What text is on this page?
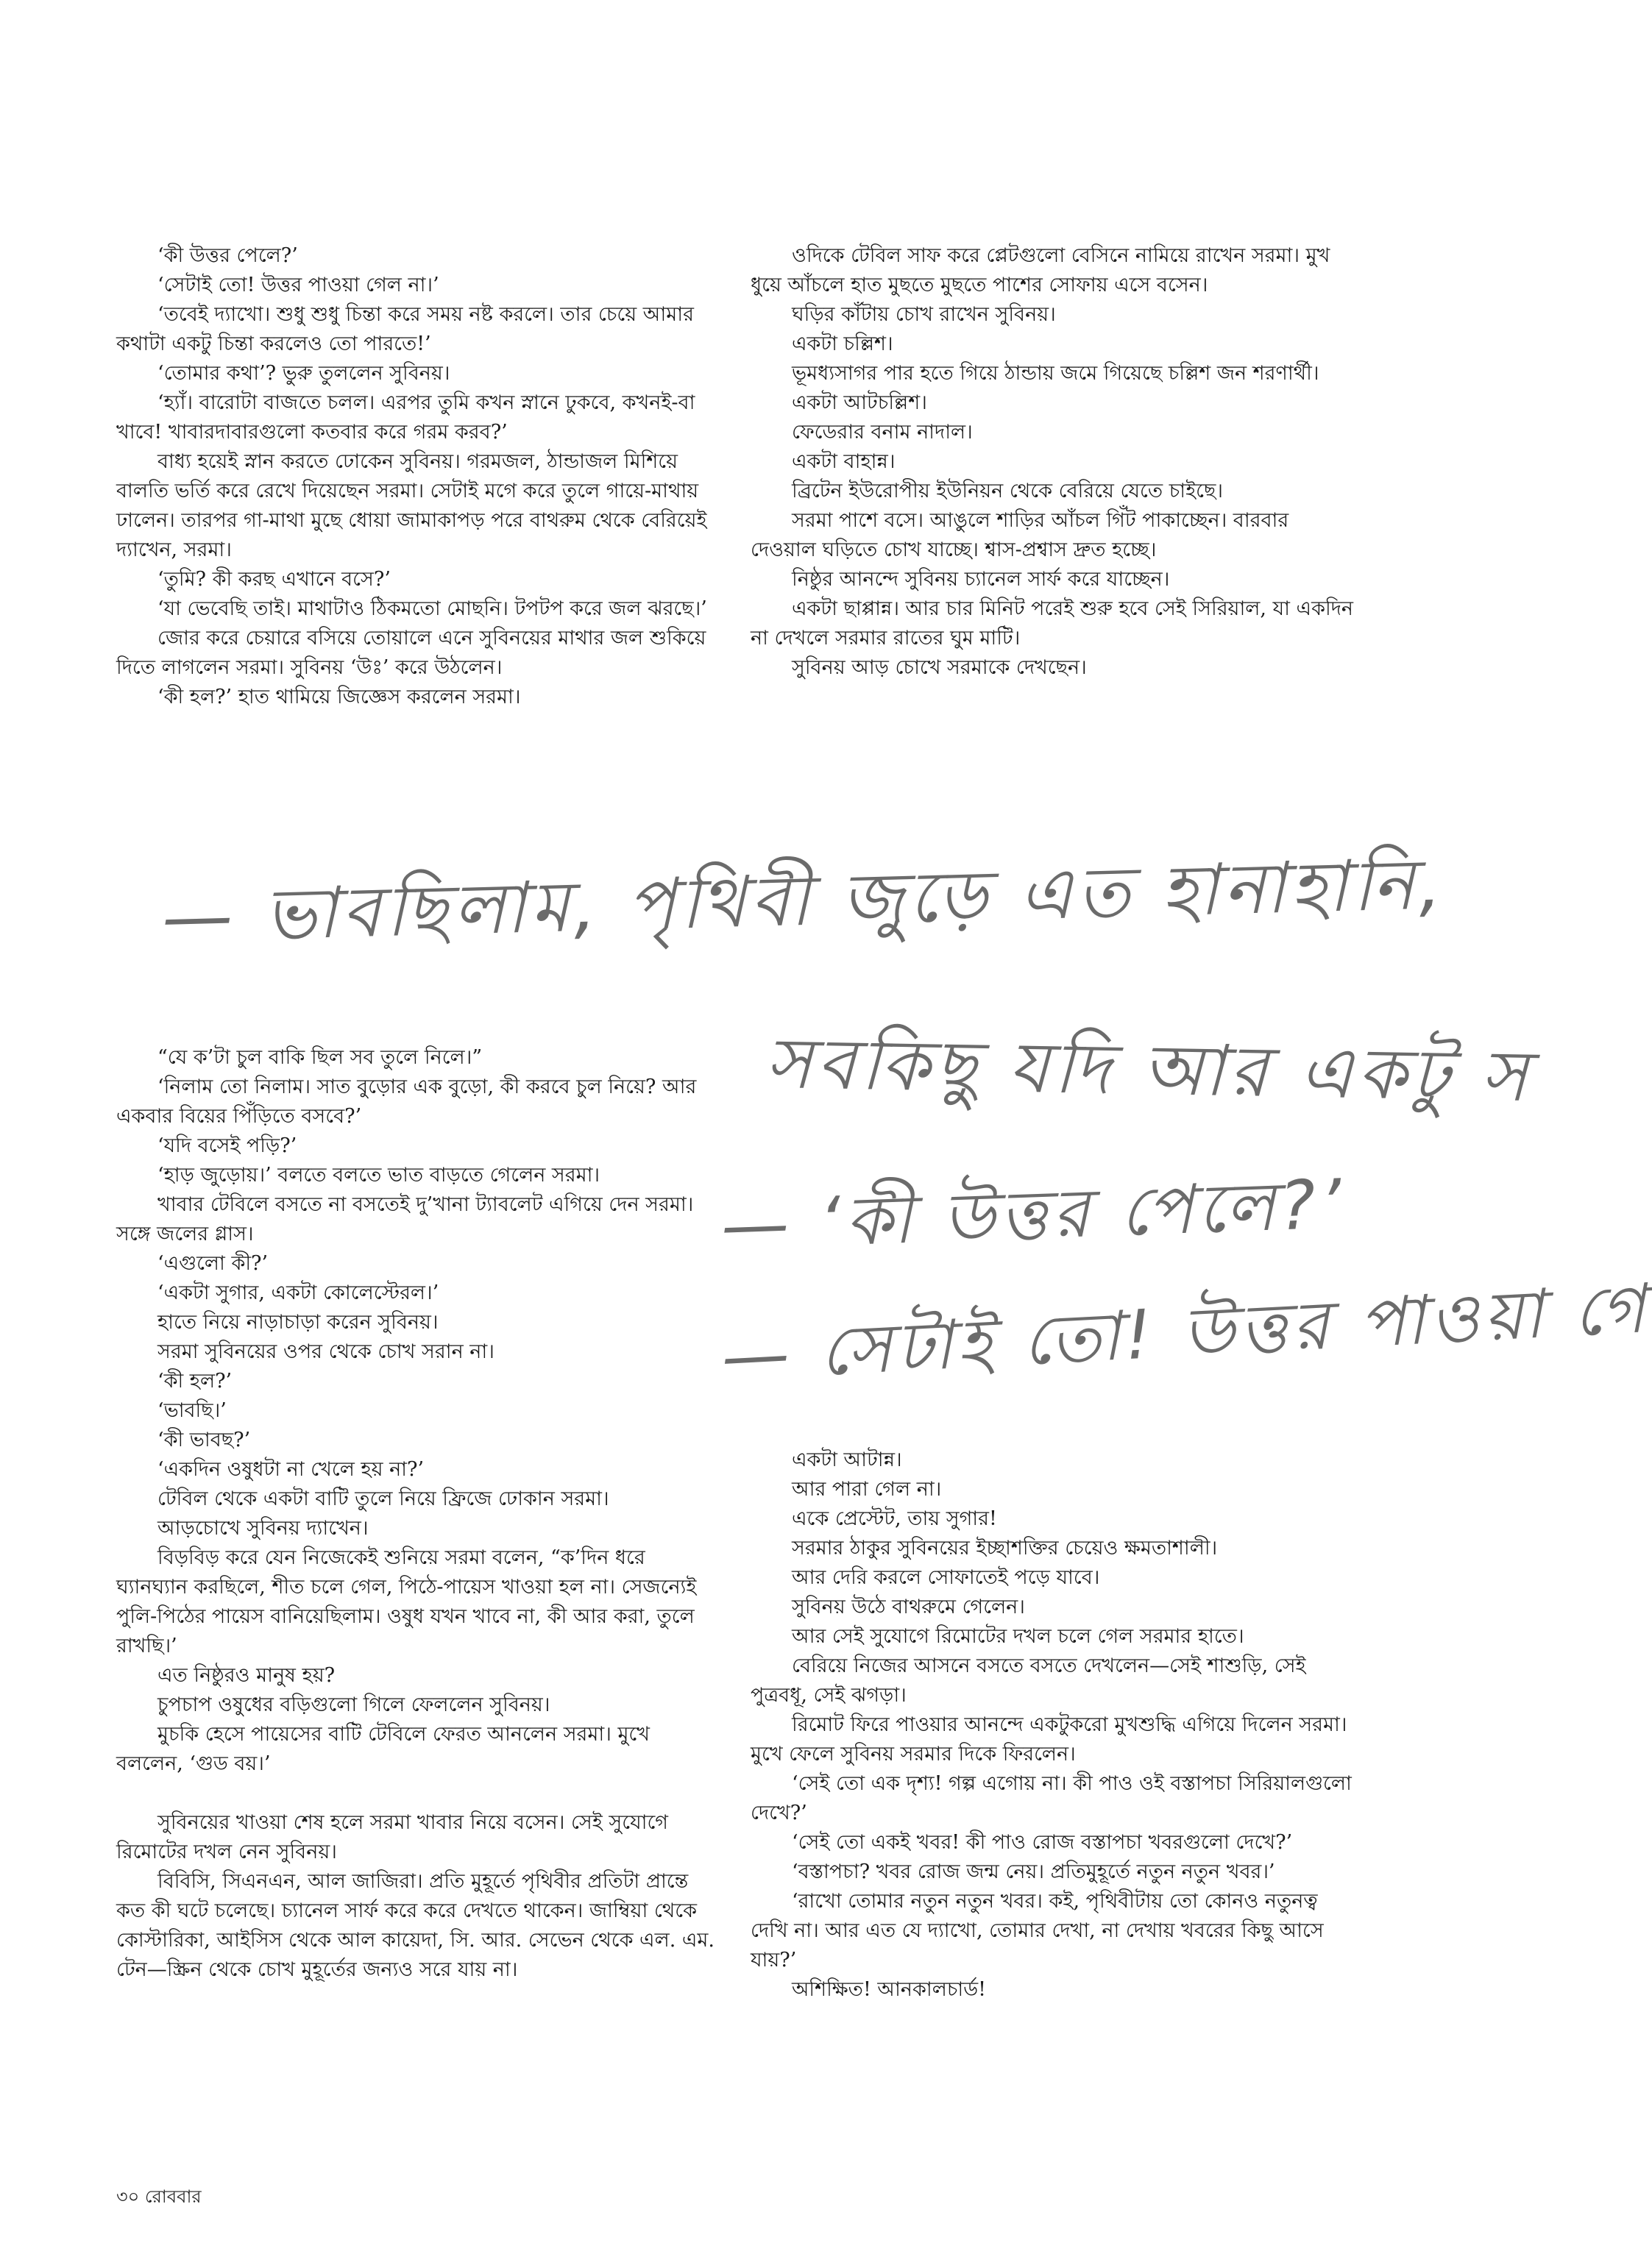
‘কী উত্তর পেলে?’

‘সেটাই তো! উত্তর পাওয়া গেল না।’

‘তবেই দ্যাখো। শুধু শুধু চিন্তা করে সময় নষ্ট করলে। তার চেয়ে আমার কথাটা একটু চিন্তা করলেও তো পারতে!’

‘তোমার কথা’? ভুরু তুললেন সুবিনয়।

‘হ্যাঁ। বারোটা বাজতে চলল। এরপর তুমি কখন স্নানে ঢুকবে, কখনই-বা খাবে! খাবারদাবারগুলো কতবার করে গরম করব?’

বাধ্য হয়েই স্নান করতে ঢোকেন সুবিনয়। গরমজল, ঠান্ডাজল মিশিয়ে বালতি ভর্তি করে রেখে দিয়েছেন সরমা। সেটাই মগে করে তুলে গায়ে-মাথায় ঢালেন। তারপর গা-মাথা মুছে ধোয়া জামাকাপড় পরে বাথরুম থেকে বেরিয়েই দ্যাখেন, সরমা।

‘তুমি? কী করছ এখানে বসে?’

‘যা ভেবেছি তাই। মাথাটাও ঠিকমতো মোছনি। টপটপ করে জল ঝরছে।’

জোর করে চেয়ারে বসিয়ে তোয়ালে এনে সুবিনয়ের মাথার জল শুকিয়ে দিতে লাগলেন সরমা। সুবিনয় ‘উঃ’ করে উঠলেন।

‘কী হল?’ হাত থামিয়ে জিজ্ঞেস করলেন সরমা।

ওদিকে টেবিল সাফ করে প্লেটগুলো বেসিনে নামিয়ে রাখেন সরমা। মুখ ধুয়ে আঁচলে হাত মুছতে মুছতে পাশের সোফায় এসে বসেন।

ঘড়ির কাঁটায় চোখ রাখেন সুবিনয়।

একটা চল্লিশ।

ভূমধ্যসাগর পার হতে গিয়ে ঠান্ডায় জমে গিয়েছে চল্লিশ জন শরণার্থী।

একটা আটচল্লিশ।

ফেডেরার বনাম নাদাল।

একটা বাহান্ন।

ব্রিটেন ইউরোপীয় ইউনিয়ন থেকে বেরিয়ে যেতে চাইছে।

সরমা পাশে বসে। আঙুলে শাড়ির আঁচল গিঁট পাকাচ্ছেন। বারবার দেওয়াল ঘড়িতে চোখ যাচ্ছে। শ্বাস-প্রশ্বাস দ্রুত হচ্ছে।

নিষ্ঠুর আনন্দে সুবিনয় চ্যানেল সার্ফ করে যাচ্ছেন।

একটা ছাপ্পান্ন। আর চার মিনিট পরেই শুরু হবে সেই সিরিয়াল, যা একদিন না দেখলে সরমার রাতের ঘুম মাটি।

সুবিনয় আড় চোখে সরমাকে দেখছেন।

“যে ক’টা চুল বাকি ছিল সব তুলে নিলে।”

‘নিলাম তো নিলাম। সাত বুড়োর এক বুড়ো, কী করবে চুল নিয়ে? আর একবার বিয়ের পিঁড়িতে বসবে?’

‘যদি বসেই পড়ি?’

‘হাড় জুড়োয়।’ বলতে বলতে ভাত বাড়তে গেলেন সরমা।

খাবার টেবিলে বসতে না বসতেই দু’খানা ট্যাবলেট এগিয়ে দেন সরমা। সঙ্গে জলের গ্লাস।

‘এগুলো কী?’

‘একটা সুগার, একটা কোলেস্টেরল।’

হাতে নিয়ে নাড়াচাড়া করেন সুবিনয়।

সরমা সুবিনয়ের ওপর থেকে চোখ সরান না।

‘কী হল?’

‘ভাবছি।’

‘কী ভাবছ?’

‘একদিন ওষুধটা না খেলে হয় না?’

টেবিল থেকে একটা বাটি তুলে নিয়ে ফ্রিজে ঢোকান সরমা।

আড়চোখে সুবিনয় দ্যাখেন।

বিড়বিড় করে যেন নিজেকেই শুনিয়ে সরমা বলেন, “ক’দিন ধরে ঘ্যানঘ্যান করছিলে, শীত চলে গেল, পিঠে-পায়েস খাওয়া হল না। সেজন্যেই পুলি-পিঠের পায়েস বানিয়েছিলাম। ওষুধ যখন খাবে না, কী আর করা, তুলে রাখছি।’

এত নিষ্ঠুরও মানুষ হয়?

চুপচাপ ওষুধের বড়িগুলো গিলে ফেললেন সুবিনয়।

মুচকি হেসে পায়েসের বাটি টেবিলে ফেরত আনলেন সরমা। মুখে বললেন, ‘গুড বয়।’

সুবিনয়ের খাওয়া শেষ হলে সরমা খাবার নিয়ে বসেন। সেই সুযোগে রিমোটের দখল নেন সুবিনয়।

বিবিসি, সিএনএন, আল জাজিরা। প্রতি মুহূর্তে পৃথিবীর প্রতিটা প্রান্তে কত কী ঘটে চলেছে। চ্যানেল সার্ফ করে করে দেখতে থাকেন। জাম্বিয়া থেকে কোস্টারিকা, আইসিস থেকে আল কায়েদা, সি. আর. সেভেন থেকে এল. এম. টেন—স্ক্রিন থেকে চোখ মুহূর্তের জন্যও সরে যায় না।

একটা আটান্ন।

আর পারা গেল না।

একে প্রেস্টেট, তায় সুগার!

সরমার ঠাকুর সুবিনয়ের ইচ্ছাশক্তির চেয়েও ক্ষমতাশালী।

আর দেরি করলে সোফাতেই পড়ে যাবে।

সুবিনয় উঠে বাথরুমে গেলেন।

আর সেই সুযোগে রিমোটের দখল চলে গেল সরমার হাতে।

বেরিয়ে নিজের আসনে বসতে বসতে দেখলেন—সেই শাশুড়ি, সেই পুত্রবধূ, সেই ঝগড়া।

রিমোট ফিরে পাওয়ার আনন্দে একটুকরো মুখশুদ্ধি এগিয়ে দিলেন সরমা। মুখে ফেলে সুবিনয় সরমার দিকে ফিরলেন।

‘সেই তো এক দৃশ্য! গল্প এগোয় না। কী পাও ওই বস্তাপচা সিরিয়ালগুলো দেখে?’

‘সেই তো একই খবর! কী পাও রোজ বস্তাপচা খবরগুলো দেখে?’

‘বস্তাপচা? খবর রোজ জন্ম নেয়। প্রতিমুহূর্তে নতুন নতুন খবর।’

‘রাখো তোমার নতুন নতুন খবর। কই, পৃথিবীটায় তো কোনও নতুনত্ব দেখি না। আর এত যে দ্যাখো, তোমার দেখা, না দেখায় খবরের কিছু আসে যায়?’

অশিক্ষিত! আনকালচার্ড!

— ভাবছিলাম, পৃথিবী জুড়ে এত হানাহানি,
সবকিছু যদি আর একটু স
— ‘কী উত্তর পেলে?’
— সেটাই তো! উত্তর পাওয়া গে
৩০ রোববার
